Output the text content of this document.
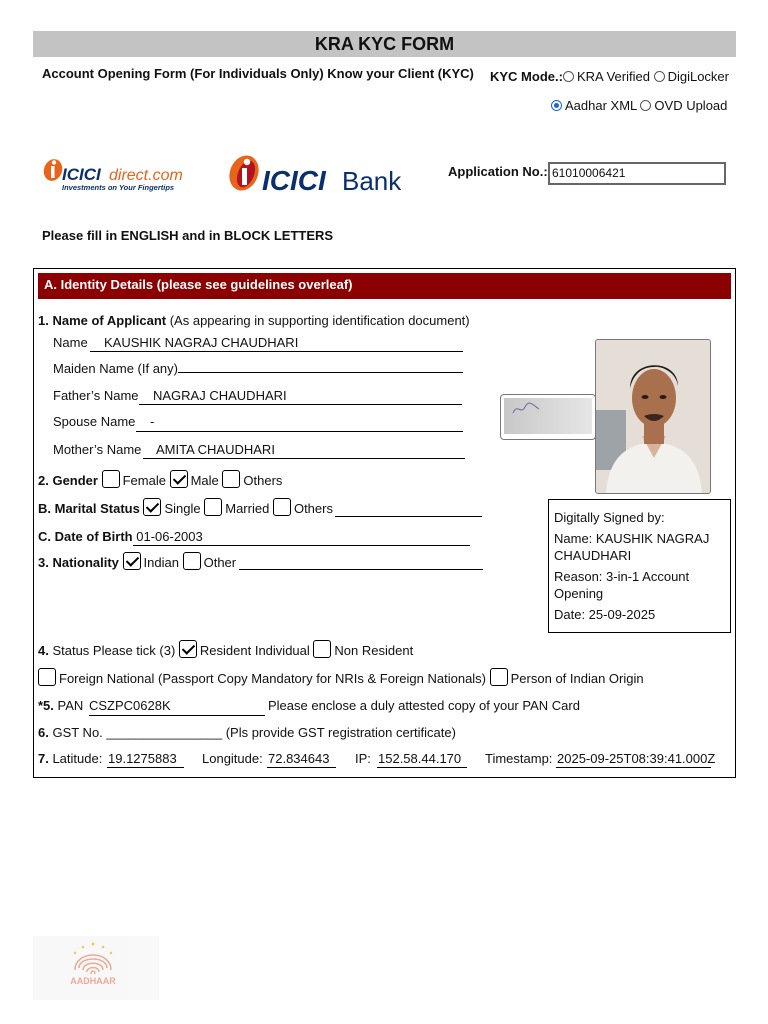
KRA KYC FORM
Account Opening Form (For Individuals Only) Know your Client (KYC) KYC Mode.: KRA Verified DigiLocker
Aadhar XML OVD Upload
ICICI direct.com
Investments on Your Fingertips	ICICI Bank	Application No.: 61010006421
Please fill in ENGLISH and in BLOCK LETTERS
A. Identity Details (please see guidelines overleaf)
1. Name of Applicant (As appearing in supporting identification document)
Name KAUSHIK NAGRAJ CHAUDHARI
Maiden Name (If any)
Father’s Name NAGRAJ CHAUDHARI
Spouse Name -
Mother’s Name AMITA CHAUDHARI
2. Gender Female Male Others
B. Marital Status Single Married Others
C. Date of Birth 01-06-2003
3. Nationality Indian Other
Digitally Signed by:
Name: KAUSHIK NAGRAJ CHAUDHARI
Reason: 3-in-1 Account Opening
Date: 25-09-2025
4. Status Please tick (3) Resident Individual Non Resident
Foreign National (Passport Copy Mandatory for NRIs & Foreign Nationals) Person of Indian Origin
*5. PAN CSZPC0628K	Please enclose a duly attested copy of your PAN Card
6. GST No. ________________ (Pls provide GST registration certificate)
7. Latitude: 19.1275883 Longitude: 72.834643 IP: 152.58.44.170 Timestamp: 2025-09-25T08:39:41.000Z
AADHAAR
